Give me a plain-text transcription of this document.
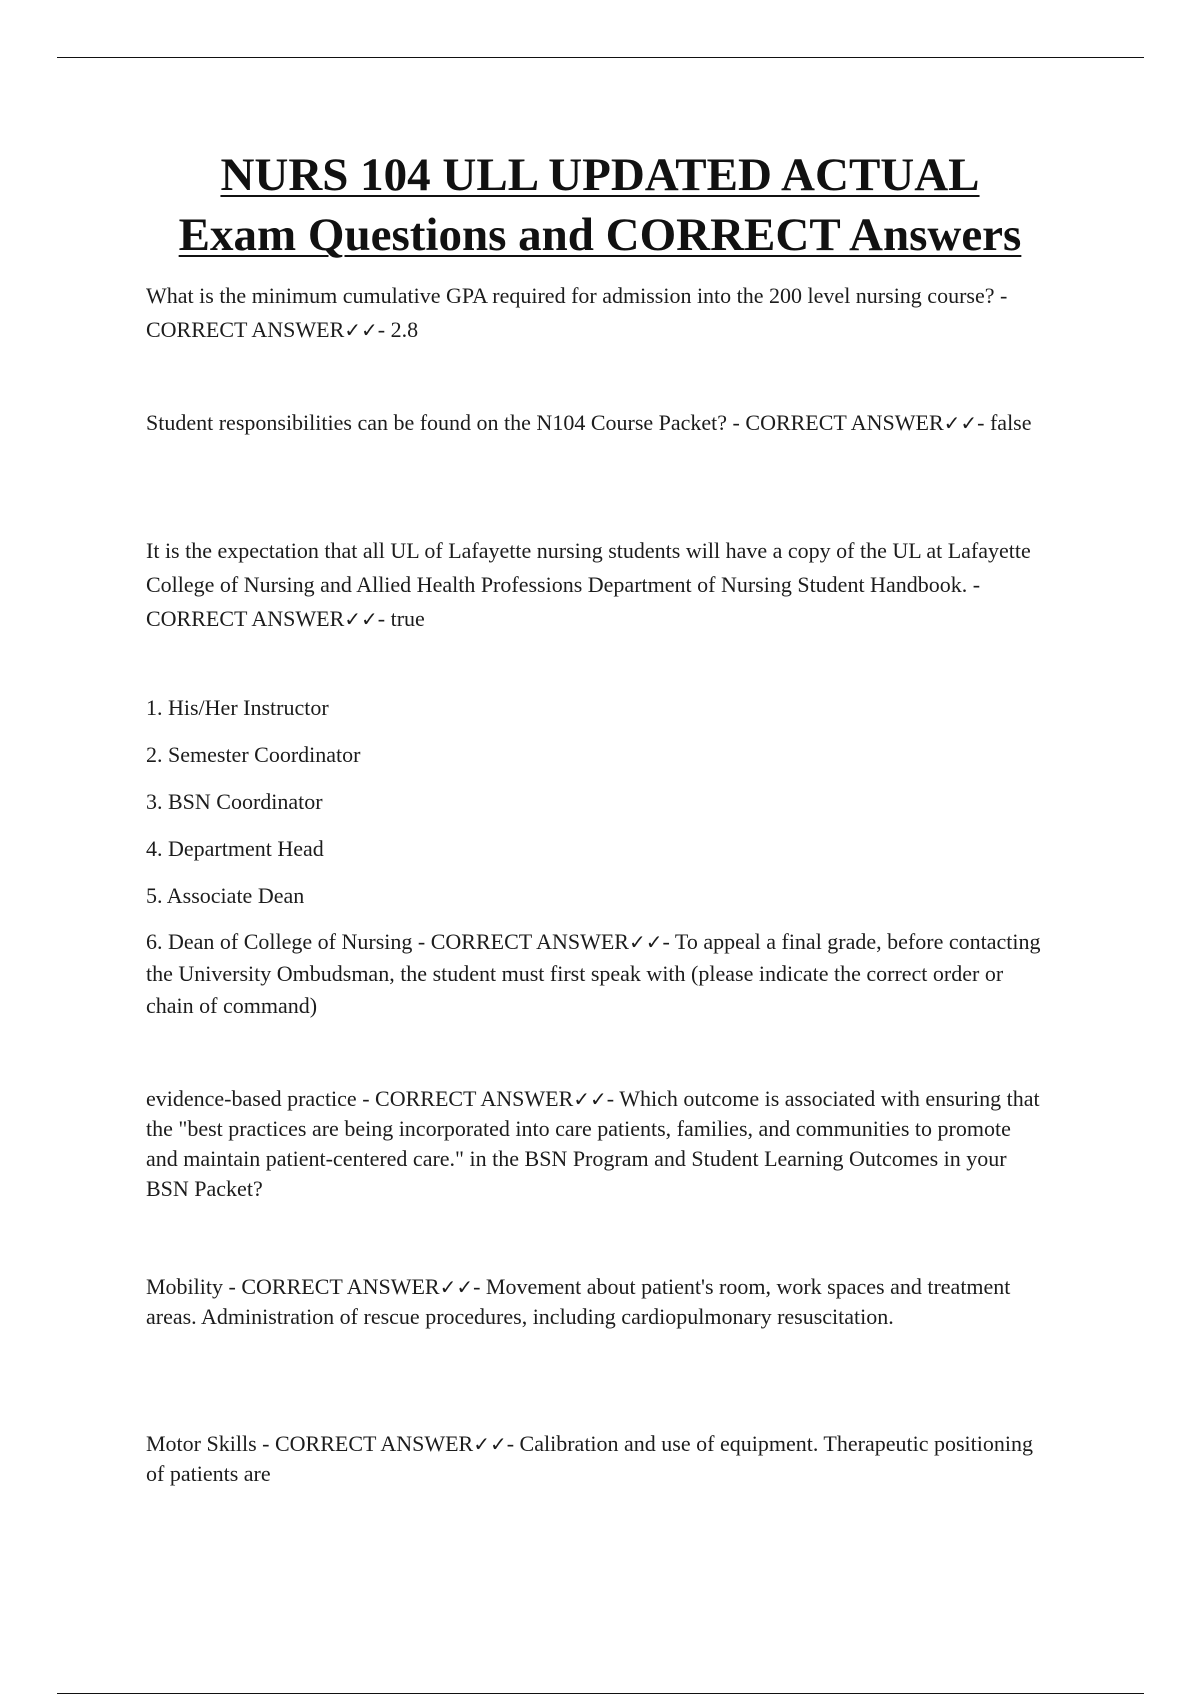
NURS 104 ULL UPDATED ACTUAL
Exam Questions and CORRECT Answers

What is the minimum cumulative GPA required for admission into the 200 level nursing course? - CORRECT ANSWER✓✓- 2.8

Student responsibilities can be found on the N104 Course Packet? - CORRECT ANSWER✓✓- false

It is the expectation that all UL of Lafayette nursing students will have a copy of the UL at Lafayette College of Nursing and Allied Health Professions Department of Nursing Student Handbook. - CORRECT ANSWER✓✓- true

1. His/Her Instructor

2. Semester Coordinator

3. BSN Coordinator

4. Department Head

5. Associate Dean

6. Dean of College of Nursing - CORRECT ANSWER✓✓- To appeal a final grade, before contacting the University Ombudsman, the student must first speak with (please indicate the correct order or chain of command)

evidence-based practice - CORRECT ANSWER✓✓- Which outcome is associated with ensuring that the "best practices are being incorporated into care patients, families, and communities to promote and maintain patient-centered care." in the BSN Program and Student Learning Outcomes in your BSN Packet?

Mobility - CORRECT ANSWER✓✓- Movement about patient's room, work spaces and treatment areas. Administration of rescue procedures, including cardiopulmonary resuscitation.

Motor Skills - CORRECT ANSWER✓✓- Calibration and use of equipment. Therapeutic positioning of patients are
